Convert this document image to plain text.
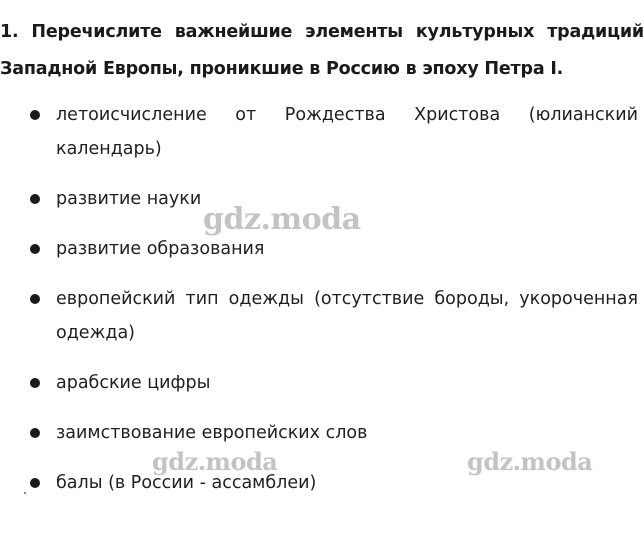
1. Перечислите важнейшие элементы культурных традиций Западной Европы, проникшие в Россию в эпоху Петра I.
летоисчисление от Рождества Христова (юлианский календарь)
развитие науки
развитие образования
европейский тип одежды (отсутствие бороды, укороченная одежда)
арабские цифры
заимствование европейских слов
балы (в России - ассамблеи)
gdz.moda
gdz.moda	gdz.moda
